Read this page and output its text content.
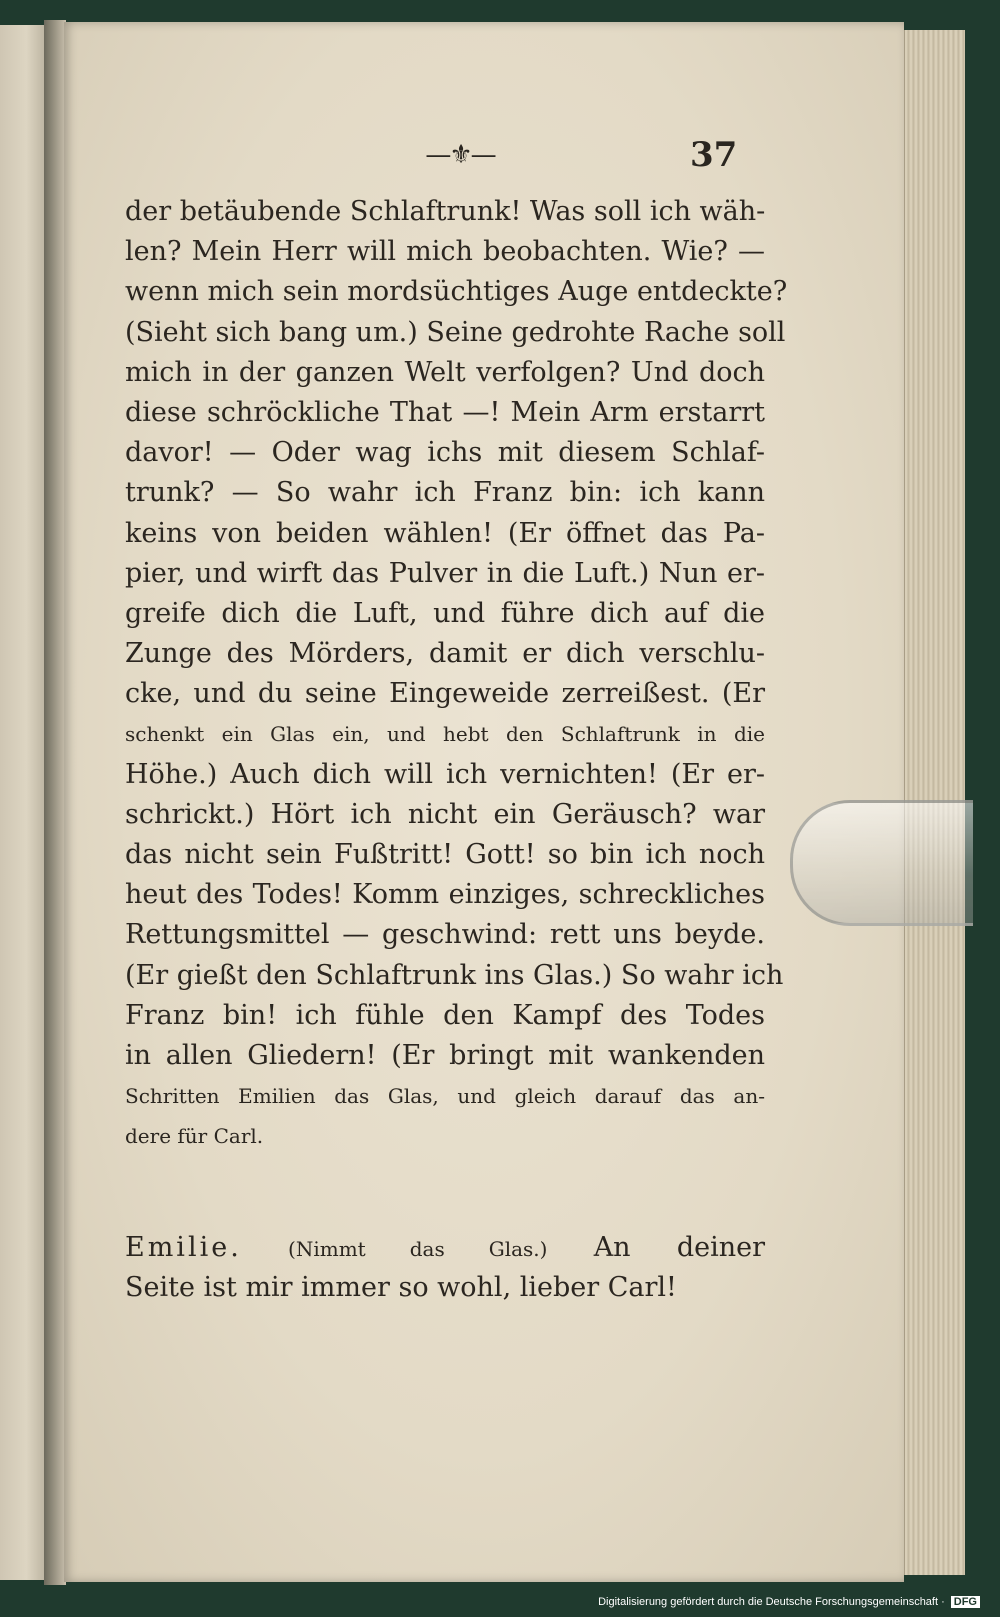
—⚜—	37
der betäubende Schlaftrunk! Was soll ich wäh-
len? Mein Herr will mich beobachten. Wie? —
wenn mich sein mordsüchtiges Auge entdeckte?
(Sieht sich bang um.) Seine gedrohte Rache soll
mich in der ganzen Welt verfolgen? Und doch
diese schröckliche That —! Mein Arm erstarrt
davor! — Oder wag ichs mit diesem Schlaf-
trunk? — So wahr ich Franz bin: ich kann
keins von beiden wählen! (Er öffnet das Pa-
pier, und wirft das Pulver in die Luft.) Nun er-
greife dich die Luft, und führe dich auf die
Zunge des Mörders, damit er dich verschlu-
cke, und du seine Eingeweide zerreißest. (Er
schenkt ein Glas ein, und hebt den Schlaftrunk in die
Höhe.) Auch dich will ich vernichten! (Er er-
schrickt.) Hört ich nicht ein Geräusch? war
das nicht sein Fußtritt! Gott! so bin ich noch
heut des Todes! Komm einziges, schreckliches
Rettungsmittel — geschwind: rett uns beyde.
(Er gießt den Schlaftrunk ins Glas.) So wahr ich
Franz bin! ich fühle den Kampf des Todes
in allen Gliedern! (Er bringt mit wankenden
Schritten Emilien das Glas, und gleich darauf das an-
dere für Carl.
Emilie. (Nimmt das Glas.) An deiner
Seite ist mir immer so wohl, lieber Carl!
Digitalisierung gefördert durch die Deutsche Forschungsgemeinschaft · DFG
